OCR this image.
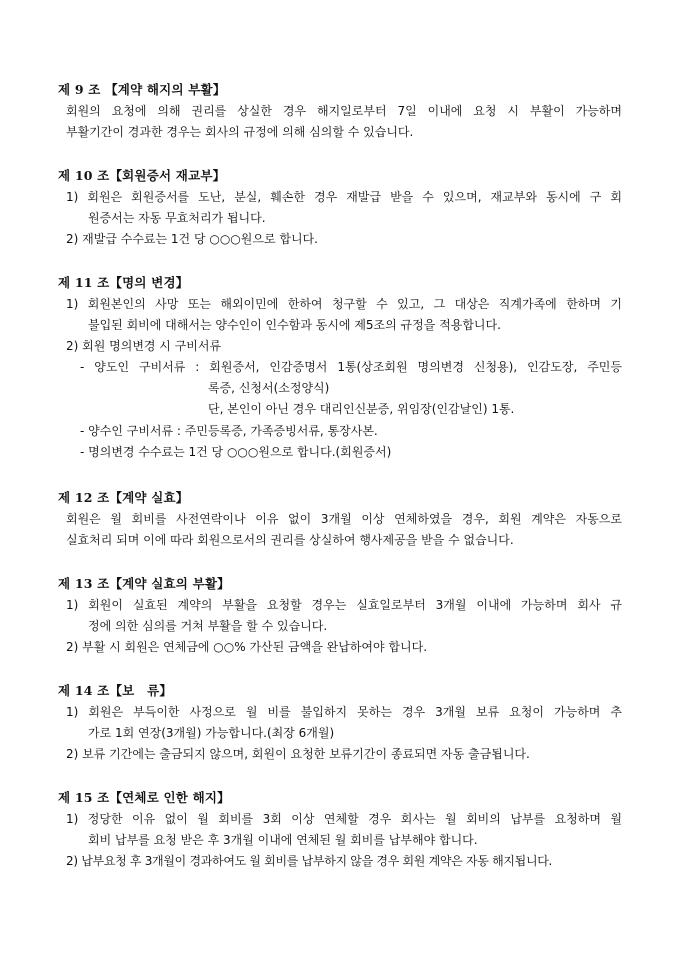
제 9 조 【계약 해지의 부활】
회원의 요청에 의해 권리를 상실한 경우 해지일로부터 7일 이내에 요청 시 부활이 가능하며
부활기간이 경과한 경우는 회사의 규정에 의해 심의할 수 있습니다.
제 10 조【회원증서 재교부】
1) 회원은 회원증서를 도난, 분실, 훼손한 경우 재발급 받을 수 있으며, 재교부와 동시에 구 회
원증서는 자동 무효처리가 됩니다.
2) 재발급 수수료는 1건 당 ○○○원으로 합니다.
제 11 조【명의 변경】
1) 회원본인의 사망 또는 해외이민에 한하여 청구할 수 있고, 그 대상은 직계가족에 한하며 기
불입된 회비에 대해서는 양수인이 인수함과 동시에 제5조의 규정을 적용합니다.
2) 회원 명의변경 시 구비서류
- 양도인 구비서류 : 회원증서, 인감증명서 1통(상조회원 명의변경 신청용), 인감도장, 주민등
록증, 신청서(소정양식)
단, 본인이 아닌 경우 대리인신분증, 위임장(인감날인) 1통.
- 양수인 구비서류 : 주민등록증, 가족증빙서류, 통장사본.
- 명의변경 수수료는 1건 당 ○○○원으로 합니다.(회원증서)
제 12 조【계약 실효】
회원은 월 회비를 사전연락이나 이유 없이 3개월 이상 연체하였을 경우, 회원 계약은 자동으로
실효처리 되며 이에 따라 회원으로서의 권리를 상실하여 행사제공을 받을 수 없습니다.
제 13 조【계약 실효의 부활】
1) 회원이 실효된 계약의 부활을 요청할 경우는 실효일로부터 3개월 이내에 가능하며 회사 규
정에 의한 심의를 거쳐 부활을 할 수 있습니다.
2) 부활 시 회원은 연체금에 ○○% 가산된 금액을 완납하여야 합니다.
제 14 조【보　류】
1) 회원은 부득이한 사정으로 월 비를 불입하지 못하는 경우 3개월 보류 요청이 가능하며 추
가로 1회 연장(3개월) 가능합니다.(최장 6개월)
2) 보류 기간에는 출금되지 않으며, 회원이 요청한 보류기간이 종료되면 자동 출금됩니다.
제 15 조【연체로 인한 해지】
1) 정당한 이유 없이 월 회비를 3회 이상 연체할 경우 회사는 월 회비의 납부를 요청하며 월
회비 납부를 요청 받은 후 3개월 이내에 연체된 월 회비를 납부해야 합니다.
2) 납부요청 후 3개월이 경과하여도 월 회비를 납부하지 않을 경우 회원 계약은 자동 해지됩니다.
